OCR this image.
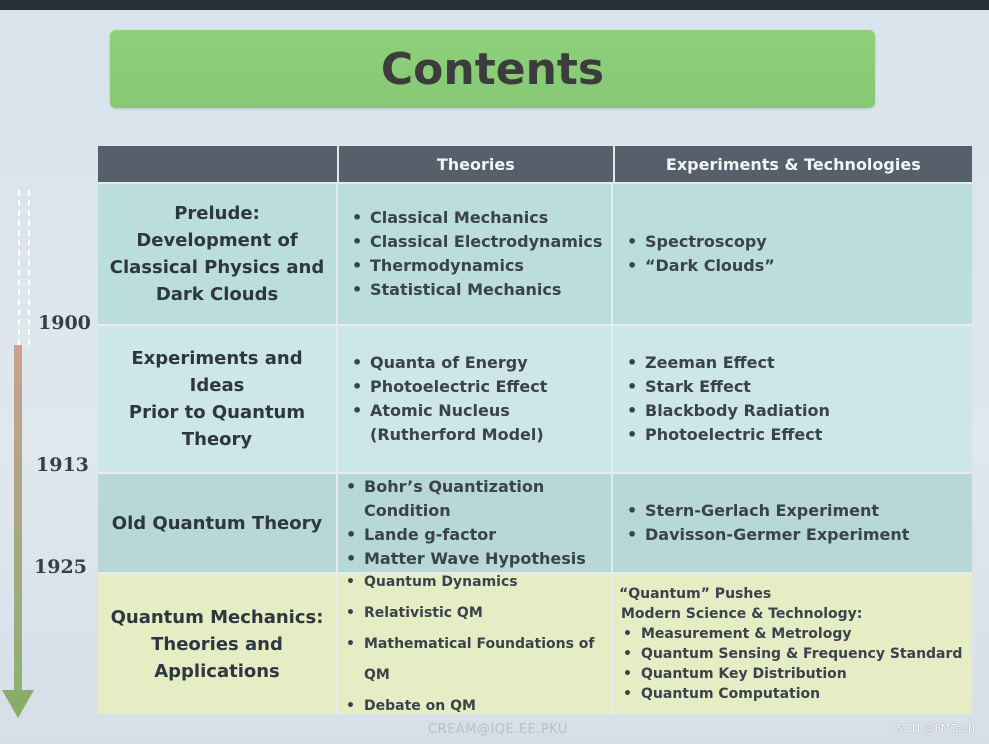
Contents
1900
1913
1925
Theories	Experiments & Technologies
Prelude:
Development of
Classical Physics and
Dark Clouds
• Classical Mechanics
• Classical Electrodynamics
• Thermodynamics
• Statistical Mechanics
• Spectroscopy
• “Dark Clouds”
Experiments and Ideas
Prior to Quantum
Theory
• Quanta of Energy
• Photoelectric Effect
• Atomic Nucleus (Rutherford Model)
• Zeeman Effect
• Stark Effect
• Blackbody Radiation
• Photoelectric Effect
Old Quantum Theory
• Bohr’s Quantization Condition
• Lande g-factor
• Matter Wave Hypothesis
• Stern-Gerlach Experiment
• Davisson-Germer Experiment
Quantum Mechanics:
Theories and
Applications
• Quantum Dynamics
• Relativistic QM
• Mathematical Foundations of QM
• Debate on QM
“Quantum” Pushes
Modern Science & Technology:
• Measurement & Metrology
• Quantum Sensing & Frequency Standard
• Quantum Key Distribution
• Quantum Computation
CREAM@IQE.EE.PKU	CSDN @FMTech
